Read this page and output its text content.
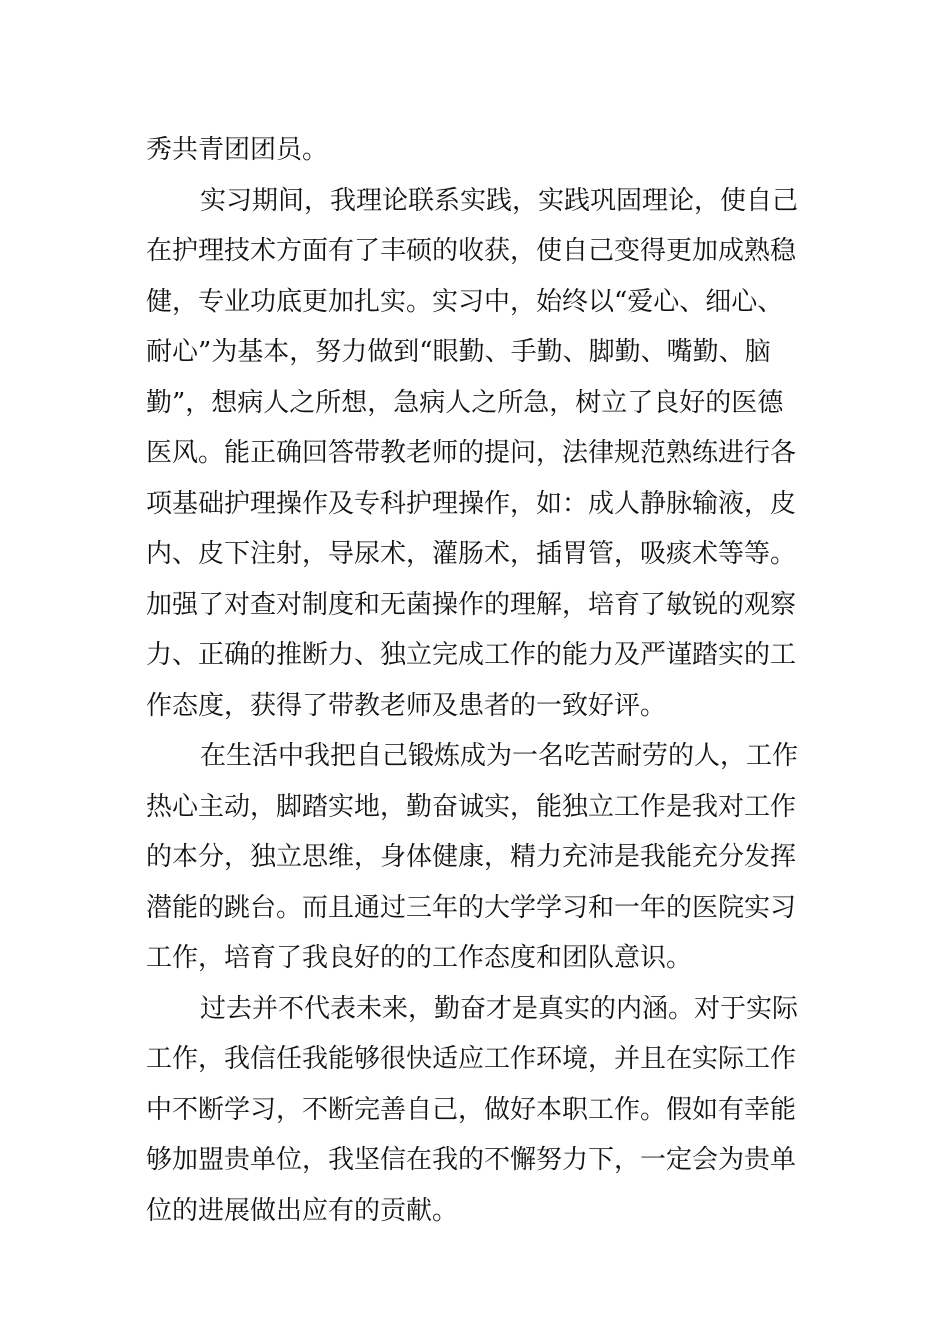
秀共青团团员。
实习期间，我理论联系实践，实践巩固理论，使自己
在护理技术方面有了丰硕的收获，使自己变得更加成熟稳
健，专业功底更加扎实。实习中，始终以“爱心、细心、
耐心”为基本，努力做到“眼勤、手勤、脚勤、嘴勤、脑
勤”，想病人之所想，急病人之所急，树立了良好的医德
医风。能正确回答带教老师的提问，法律规范熟练进行各
项基础护理操作及专科护理操作，如：成人静脉输液，皮
内、皮下注射，导尿术，灌肠术，插胃管，吸痰术等等。
加强了对查对制度和无菌操作的理解，培育了敏锐的观察
力、正确的推断力、独立完成工作的能力及严谨踏实的工
作态度，获得了带教老师及患者的一致好评。
在生活中我把自己锻炼成为一名吃苦耐劳的人，工作
热心主动，脚踏实地，勤奋诚实，能独立工作是我对工作
的本分，独立思维，身体健康，精力充沛是我能充分发挥
潜能的跳台。而且通过三年的大学学习和一年的医院实习
工作，培育了我良好的的工作态度和团队意识。
过去并不代表未来，勤奋才是真实的内涵。对于实际
工作，我信任我能够很快适应工作环境，并且在实际工作
中不断学习，不断完善自己，做好本职工作。假如有幸能
够加盟贵单位，我坚信在我的不懈努力下，一定会为贵单
位的进展做出应有的贡献。
